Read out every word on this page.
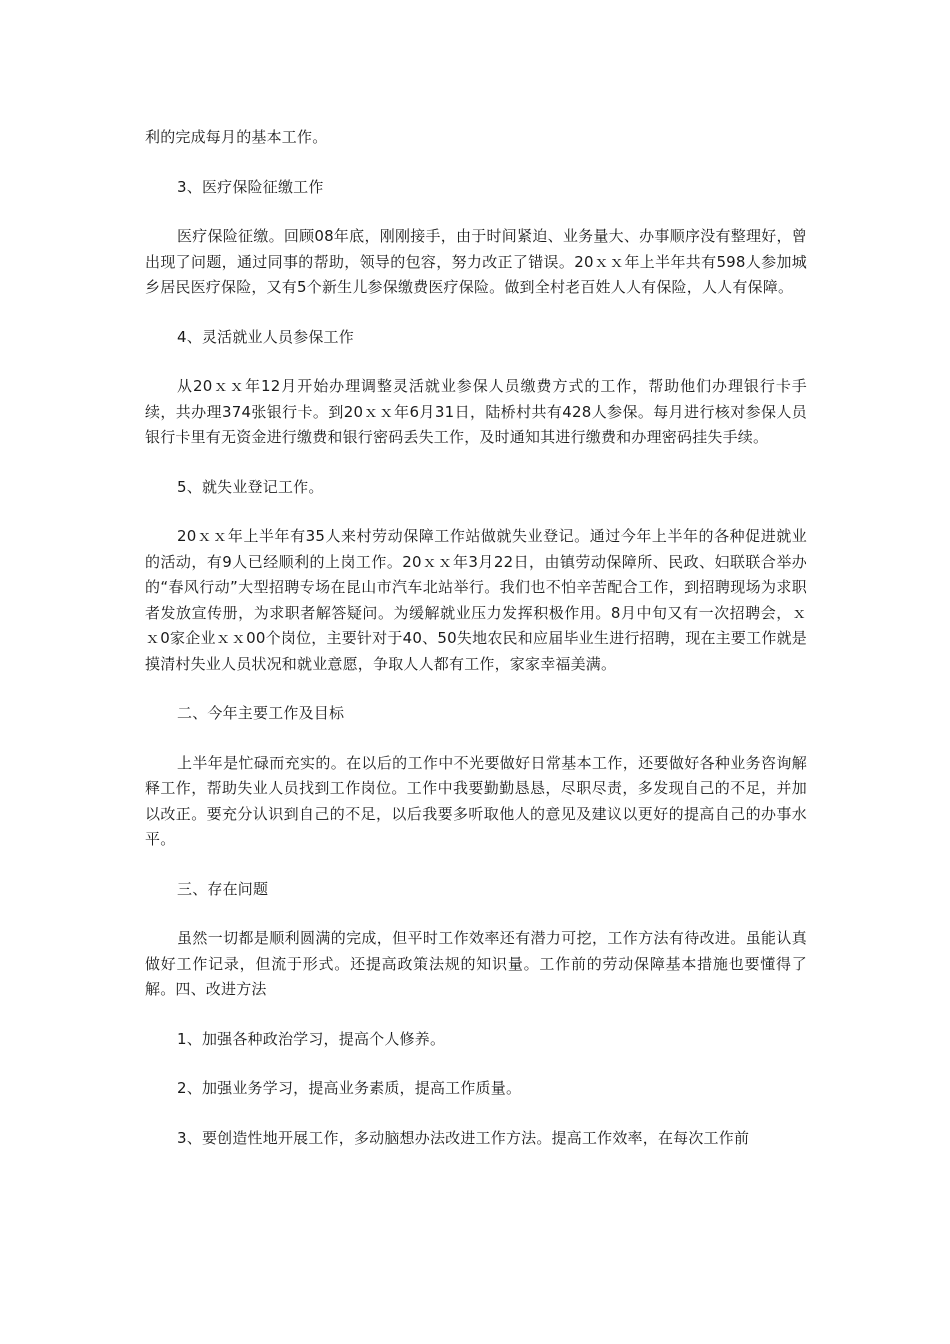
利的完成每月的基本工作。

3、医疗保险征缴工作

医疗保险征缴。回顾08年底，刚刚接手，由于时间紧迫、业务量大、办事顺序没有整理好，曾出现了问题，通过同事的帮助，领导的包容，努力改正了错误。20ｘｘ年上半年共有598人参加城乡居民医疗保险，又有5个新生儿参保缴费医疗保险。做到全村老百姓人人有保险，人人有保障。

4、灵活就业人员参保工作

从20ｘｘ年12月开始办理调整灵活就业参保人员缴费方式的工作，帮助他们办理银行卡手续，共办理374张银行卡。到20ｘｘ年6月31日，陆桥村共有428人参保。每月进行核对参保人员银行卡里有无资金进行缴费和银行密码丢失工作，及时通知其进行缴费和办理密码挂失手续。

5、就失业登记工作。

20ｘｘ年上半年有35人来村劳动保障工作站做就失业登记。通过今年上半年的各种促进就业的活动，有9人已经顺利的上岗工作。20ｘｘ年3月22日，由镇劳动保障所、民政、妇联联合举办的“春风行动”大型招聘专场在昆山市汽车北站举行。我们也不怕辛苦配合工作，到招聘现场为求职者发放宣传册，为求职者解答疑问。为缓解就业压力发挥积极作用。8月中旬又有一次招聘会，ｘｘ0家企业ｘｘ00个岗位，主要针对于40、50失地农民和应届毕业生进行招聘，现在主要工作就是摸清村失业人员状况和就业意愿，争取人人都有工作，家家幸福美满。

二、今年主要工作及目标

上半年是忙碌而充实的。在以后的工作中不光要做好日常基本工作，还要做好各种业务咨询解释工作，帮助失业人员找到工作岗位。工作中我要勤勤恳恳，尽职尽责，多发现自己的不足，并加以改正。要充分认识到自己的不足，以后我要多听取他人的意见及建议以更好的提高自己的办事水平。

三、存在问题

虽然一切都是顺利圆满的完成，但平时工作效率还有潜力可挖，工作方法有待改进。虽能认真做好工作记录，但流于形式。还提高政策法规的知识量。工作前的劳动保障基本措施也要懂得了解。四、改进方法

1、加强各种政治学习，提高个人修养。

2、加强业务学习，提高业务素质，提高工作质量。

3、要创造性地开展工作，多动脑想办法改进工作方法。提高工作效率，在每次工作前
